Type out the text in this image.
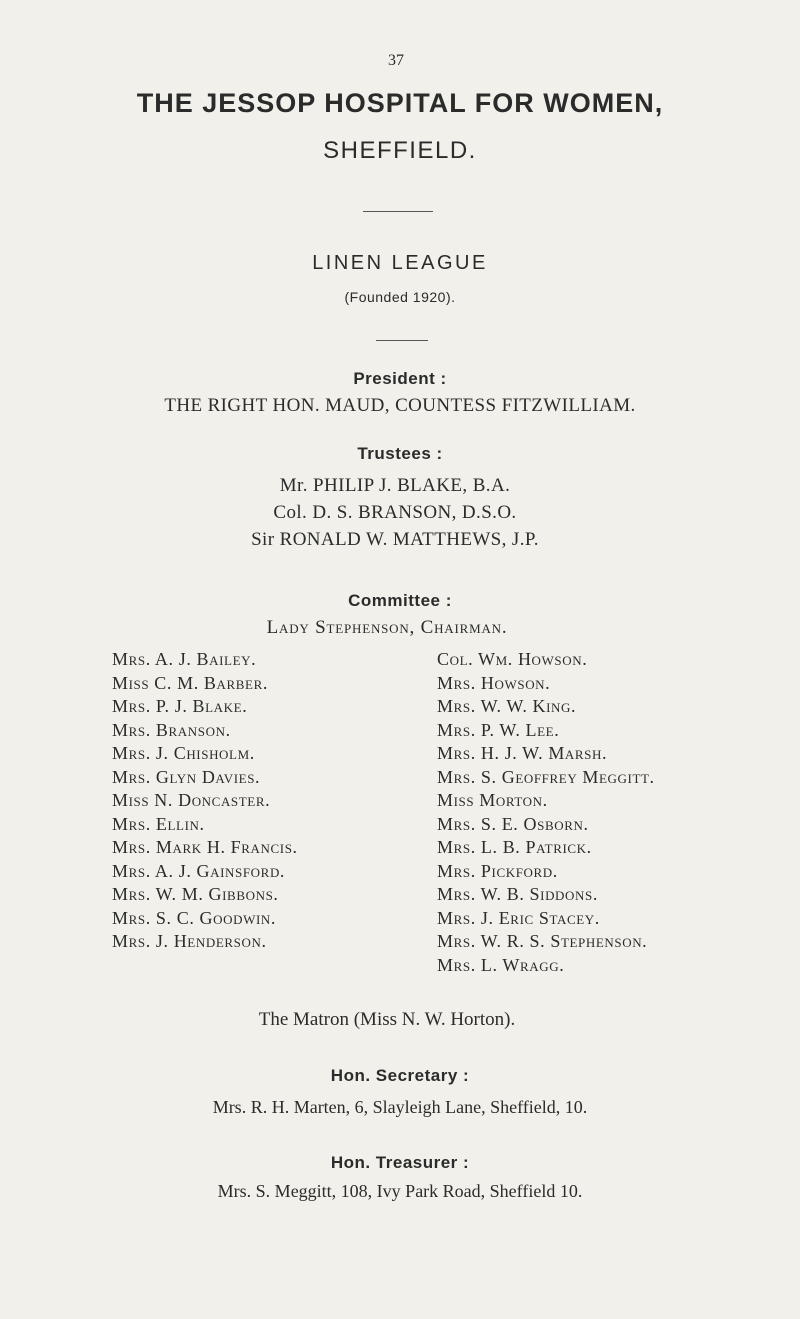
37
THE JESSOP HOSPITAL FOR WOMEN,
SHEFFIELD.
LINEN LEAGUE
(Founded 1920).
President :
THE RIGHT HON. MAUD, COUNTESS FITZWILLIAM.
Trustees :
Mr. PHILIP J. BLAKE, B.A.
Col. D. S. BRANSON, D.S.O.
Sir RONALD W. MATTHEWS, J.P.
Committee :
Lady Stephenson, Chairman.
Mrs. A. J. Bailey.
Miss C. M. Barber.
Mrs. P. J. Blake.
Mrs. Branson.
Mrs. J. Chisholm.
Mrs. Glyn Davies.
Miss N. Doncaster.
Mrs. Ellin.
Mrs. Mark H. Francis.
Mrs. A. J. Gainsford.
Mrs. W. M. Gibbons.
Mrs. S. C. Goodwin.
Mrs. J. Henderson.
Col. Wm. Howson.
Mrs. Howson.
Mrs. W. W. King.
Mrs. P. W. Lee.
Mrs. H. J. W. Marsh.
Mrs. S. Geoffrey Meggitt.
Miss Morton.
Mrs. S. E. Osborn.
Mrs. L. B. Patrick.
Mrs. Pickford.
Mrs. W. B. Siddons.
Mrs. J. Eric Stacey.
Mrs. W. R. S. Stephenson.
Mrs. L. Wragg.
The Matron (Miss N. W. Horton).
Hon. Secretary :
Mrs. R. H. Marten, 6, Slayleigh Lane, Sheffield, 10.
Hon. Treasurer :
Mrs. S. Meggitt, 108, Ivy Park Road, Sheffield 10.
